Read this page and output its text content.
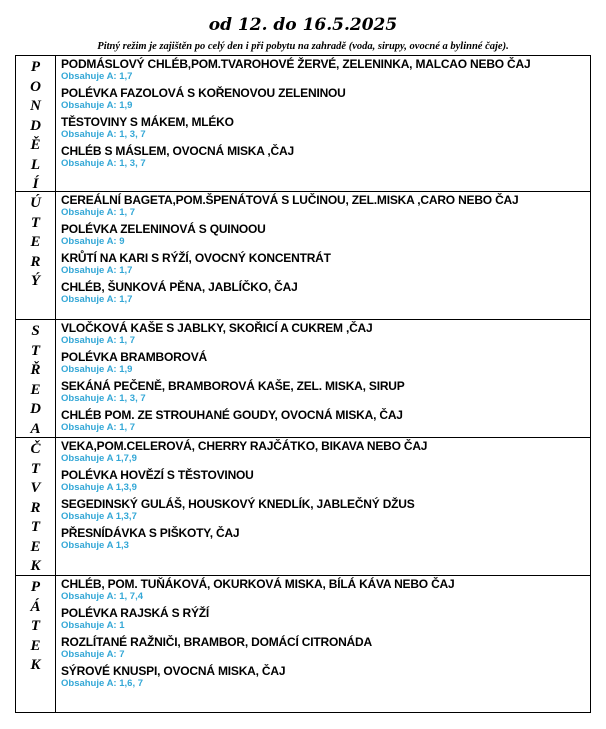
od 12. do 16.5.2025
Pitný režim je zajištěn po celý den i při pobytu na zahradě (voda, sirupy, ovocné a bylinné čaje).
P
O
N
D
Ě
L
Í
PODMÁSLOVÝ CHLÉB,POM.TVAROHOVÉ ŽERVÉ, ZELENINKA, MALCAO NEBO ČAJ
Obsahuje A: 1,7
POLÉVKA FAZOLOVÁ S KOŘENOVOU ZELENINOU
Obsahuje A: 1,9
TĚSTOVINY S MÁKEM, MLÉKO
Obsahuje A: 1, 3, 7
CHLÉB S MÁSLEM, OVOCNÁ MISKA ,ČAJ
Obsahuje A: 1, 3, 7
Ú
T
E
R
Ý
CEREÁLNÍ BAGETA,POM.ŠPENÁTOVÁ S LUČINOU, ZEL.MISKA ,CARO NEBO ČAJ
Obsahuje A: 1, 7
POLÉVKA ZELENINOVÁ S QUINOOU
Obsahuje A: 9
KRŮTÍ NA KARI S RÝŽÍ, OVOCNÝ KONCENTRÁT
Obsahuje A: 1,7
CHLÉB, ŠUNKOVÁ PĚNA, JABLÍČKO, ČAJ
Obsahuje A: 1,7
S
T
Ř
E
D
A
VLOČKOVÁ KAŠE S JABLKY, SKOŘICÍ A CUKREM ,ČAJ
Obsahuje A: 1, 7
POLÉVKA BRAMBOROVÁ
Obsahuje A: 1,9
SEKÁNÁ PEČENĚ, BRAMBOROVÁ KAŠE, ZEL. MISKA, SIRUP
Obsahuje A: 1, 3, 7
CHLÉB POM. ZE STROUHANÉ GOUDY, OVOCNÁ MISKA, ČAJ
Obsahuje A: 1, 7
Č
T
V
R
T
E
K
VEKA,POM.CELEROVÁ, CHERRY RAJČÁTKO, BIKAVA NEBO ČAJ
Obsahuje A 1,7,9
POLÉVKA HOVĚZÍ S TĚSTOVINOU
Obsahuje A 1,3,9
SEGEDINSKÝ GULÁŠ, HOUSKOVÝ KNEDLÍK, JABLEČNÝ DŽUS
Obsahuje A 1,3,7
PŘESNÍDÁVKA S PIŠKOTY, ČAJ
Obsahuje A 1,3
P
Á
T
E
K
CHLÉB, POM. TUŇÁKOVÁ, OKURKOVÁ MISKA, BÍLÁ KÁVA NEBO ČAJ
Obsahuje A: 1, 7,4
POLÉVKA RAJSKÁ S RÝŽÍ
Obsahuje A: 1
ROZLÍTANÉ RAŽNIČI, BRAMBOR, DOMÁCÍ CITRONÁDA
Obsahuje A: 7
SÝROVÉ KNUSPI, OVOCNÁ MISKA, ČAJ
Obsahuje A: 1,6, 7
